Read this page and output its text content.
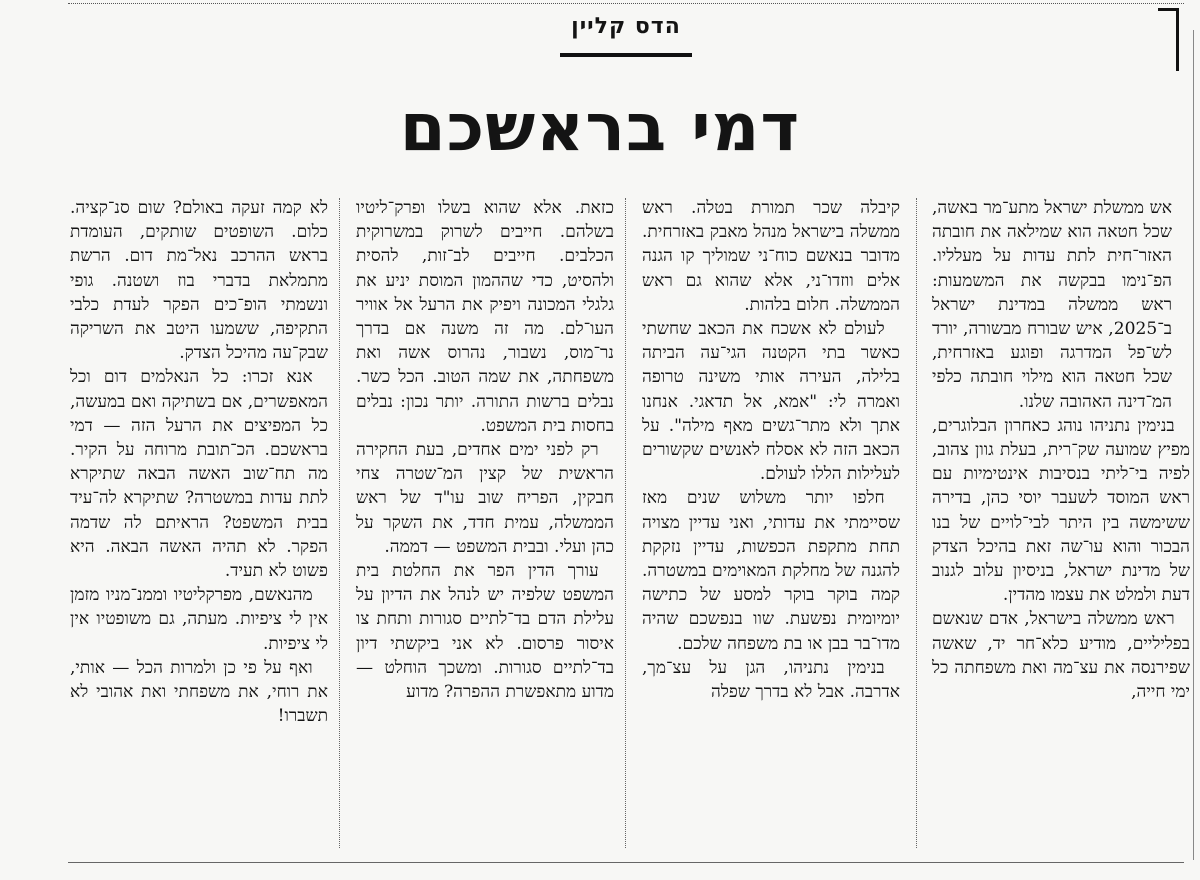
הדס קליין
דמי בראשכם

אש ממשלת ישראל מתע־מר באשה, שכל חטאה הוא שמילאה את חובתה האזר־חית לתת עדות על מעלליו. הפ־נימו בבקשה את המשמעות: ראש ממשלה במדינת ישראל ב־2025, איש שבורח מבשורה, יורד לש־פל המדרגה ופוגע באזרחית, שכל חטאה הוא מילוי חובתה כלפי המ־דינה האהובה שלנו.

בנימין נתניהו נוהג כאחרון הבלוגרים, מפיץ שמועה שק־רית, בעלת גוון צהוב, לפיה בי־ליתי בנסיבות אינטימיות עם ראש המוסד לשעבר יוסי כהן, בדירה ששימשה בין היתר לבי־לויים של בנו הבכור והוא עו־שה זאת בהיכל הצדק של מדינת ישראל, בניסיון עלוב לגנוב דעת ולמלט את עצמו מהדין.

ראש ממשלה בישראל, אדם שנאשם בפליליים, מודיע כלא־חר יד, שאשה שפירנסה את עצ־מה ואת משפחתה כל ימי חייה,

קיבלה שכר תמורת בטלה. ראש ממשלה בישראל מנהל מאבק באזרחית. מדובר בנאשם כוח־ני שמוליך קו הגנה אלים ווזדו־ני, אלא שהוא גם ראש הממשלה. חלום בלהות.

לעולם לא אשכח את הכאב שחשתי כאשר בתי הקטנה הגי־עה הביתה בלילה, העירה אותי משינה טרופה ואמרה לי: "אמא, אל תדאגי. אנחנו אתך ולא מתר־גשים מאף מילה". על הכאב הזה לא אסלח לאנשים שקשורים לעלילות הללו לעולם.

חלפו יותר משלוש שנים מאז שסיימתי את עדותי, ואני עדיין מצויה תחת מתקפת הכפשות, עדיין נזקקת להגנה של מחלקת המאוימים במשטרה. קמה בוקר בוקר למסע של כתישה יומיומית נפשעת. שוו בנפשכם שהיה מדו־בר בבן או בת משפחה שלכם.

בנימין נתניהו, הגן על עצ־מך, אדרבה. אבל לא בדרך שפלה

כזאת. אלא שהוא בשלו ופרק־ליטיו בשלהם. חייבים לשרוק במשרוקית הכלבים. חייבים לב־זות, להסית ולהסיט, כדי שההמון המוסת יניע את גלגלי המכונה ויפיק את הרעל אל אוויר העו־לם. מה זה משנה אם בדרך נר־מוס, נשבור, נהרוס אשה ואת משפחתה, את שמה הטוב. הכל כשר. נבלים ברשות התורה. יותר נכון: נבלים בחסות בית המשפט.

רק לפני ימים אחדים, בעת החקירה הראשית של קצין המ־שטרה צחי חבקין, הפריח שוב עו"ד של ראש הממשלה, עמית חדד, את השקר על כהן ועלי. ובבית המשפט — דממה.

עורך הדין הפר את החלטת בית המשפט שלפיה יש לנהל את הדיון על עלילת הדם בד־לתיים סגורות ותחת צו איסור פרסום. לא אני ביקשתי דיון בד־לתיים סגורות. ומשכך הוחלט — מדוע מתאפשרת ההפרה? מדוע

לא קמה זעקה באולם? שום סנ־קציה. כלום. השופטים שותקים, העומדת בראש ההרכב נאל־מת דום. הרשת מתמלאת בדברי בוז ושטנה. גופי ונשמתי הופ־כים הפקר לעדת כלבי התקיפה, ששמעו היטב את השריקה שבק־עה מהיכל הצדק.

אנא זכרו: כל הנאלמים דום וכל המאפשרים, אם בשתיקה ואם במעשה, כל המפיצים את הרעל הזה — דמי בראשכם. הכ־תובת מרוחה על הקיר. מה תח־שוב האשה הבאה שתיקרא לתת עדות במשטרה? שתיקרא לה־עיד בבית המשפט? הראיתם לה שדמה הפקר. לא תהיה האשה הבאה. היא פשוט לא תעיד.

מהנאשם, מפרקליטיו וממנ־מניו מזמן אין לי ציפיות. מעתה, גם משופטיו אין לי ציפיות.

ואף על פי כן ולמרות הכל — אותי, את רוחי, את משפחתי ואת אהובי לא תשברו!
